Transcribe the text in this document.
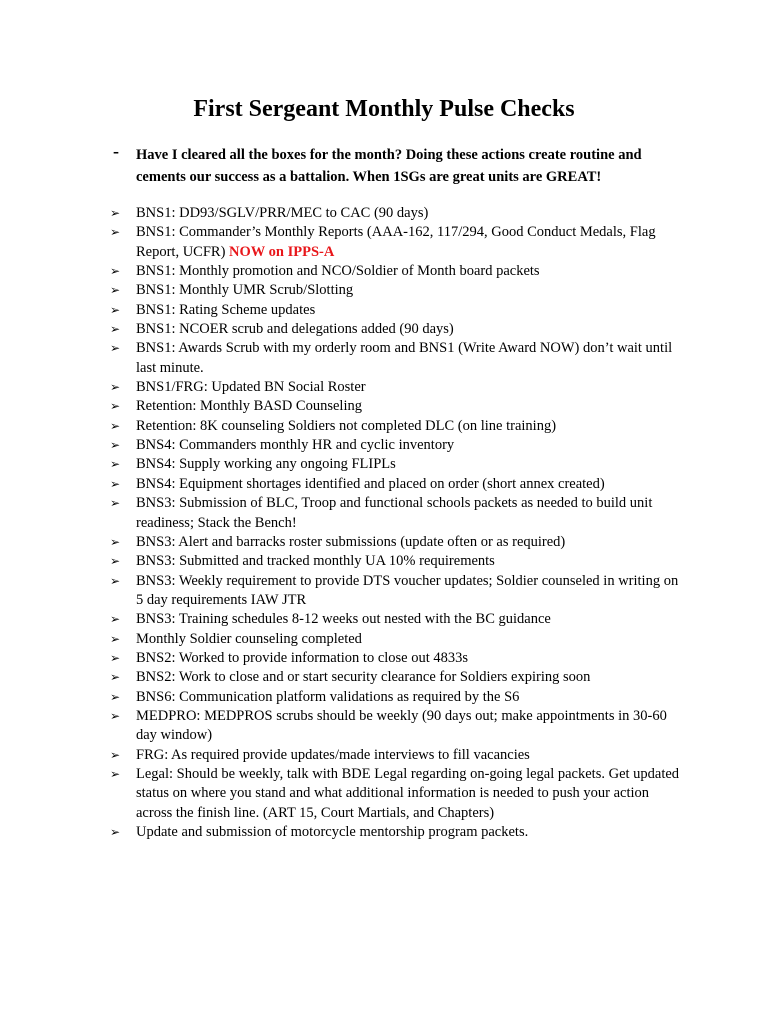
First Sergeant Monthly Pulse Checks
- Have I cleared all the boxes for the month? Doing these actions create routine and cements our success as a battalion. When 1SGs are great units are GREAT!
➢ BNS1: DD93/SGLV/PRR/MEC to CAC (90 days)
➢ BNS1: Commander’s Monthly Reports (AAA-162, 117/294, Good Conduct Medals, Flag Report, UCFR) NOW on IPPS-A
➢ BNS1: Monthly promotion and NCO/Soldier of Month board packets
➢ BNS1: Monthly UMR Scrub/Slotting
➢ BNS1: Rating Scheme updates
➢ BNS1: NCOER scrub and delegations added (90 days)
➢ BNS1: Awards Scrub with my orderly room and BNS1 (Write Award NOW) don’t wait until last minute.
➢ BNS1/FRG: Updated BN Social Roster
➢ Retention: Monthly BASD Counseling
➢ Retention: 8K counseling Soldiers not completed DLC (on line training)
➢ BNS4: Commanders monthly HR and cyclic inventory
➢ BNS4: Supply working any ongoing FLIPLs
➢ BNS4: Equipment shortages identified and placed on order (short annex created)
➢ BNS3: Submission of BLC, Troop and functional schools packets as needed to build unit readiness; Stack the Bench!
➢ BNS3: Alert and barracks roster submissions (update often or as required)
➢ BNS3: Submitted and tracked monthly UA 10% requirements
➢ BNS3: Weekly requirement to provide DTS voucher updates; Soldier counseled in writing on 5 day requirements IAW JTR
➢ BNS3: Training schedules 8-12 weeks out nested with the BC guidance
➢ Monthly Soldier counseling completed
➢ BNS2: Worked to provide information to close out 4833s
➢ BNS2: Work to close and or start security clearance for Soldiers expiring soon
➢ BNS6: Communication platform validations as required by the S6
➢ MEDPRO: MEDPROS scrubs should be weekly (90 days out; make appointments in 30-60 day window)
➢ FRG: As required provide updates/made interviews to fill vacancies
➢ Legal: Should be weekly, talk with BDE Legal regarding on-going legal packets. Get updated status on where you stand and what additional information is needed to push your action across the finish line. (ART 15, Court Martials, and Chapters)
➢ Update and submission of motorcycle mentorship program packets.
